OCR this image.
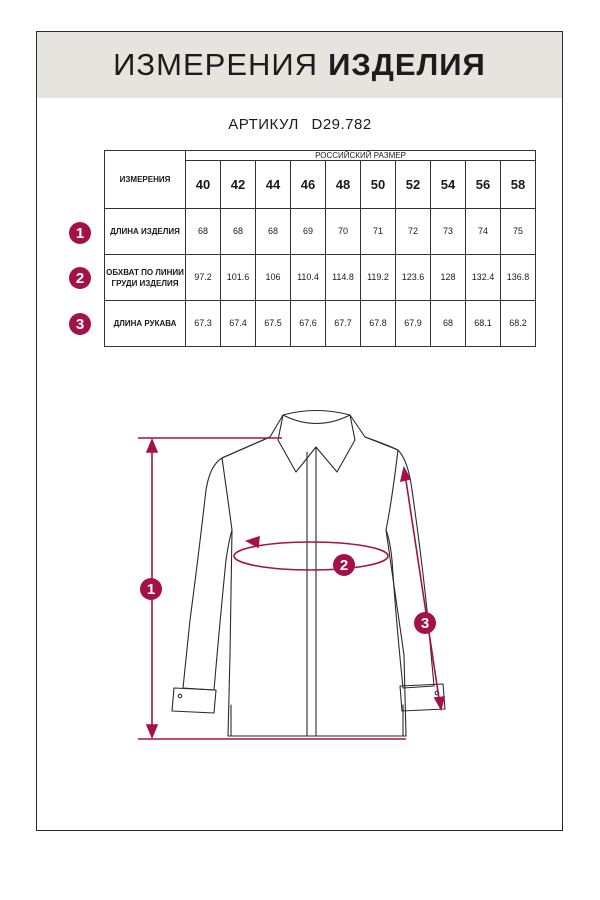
ИЗМЕРЕНИЯ ИЗДЕЛИЯ
АРТИКУЛ D29.782
1
2
3
ИЗМЕРЕНИЯ	РОССИЙСКИЙ РАЗМЕР									
	40	42	44	46	48	50	52	54	56	58
ДЛИНА ИЗДЕЛИЯ	68	68	68	69	70	71	72	73	74	75
ОБХВАТ ПО ЛИНИИ ГРУДИ ИЗДЕЛИЯ	97.2	101.6	106	110.4	114.8	119.2	123.6	128	132.4	136.8
ДЛИНА РУКАВА	67.3	67.4	67.5	67.6	67.7	67.8	67.9	68	68.1	68.2
1
2
3
